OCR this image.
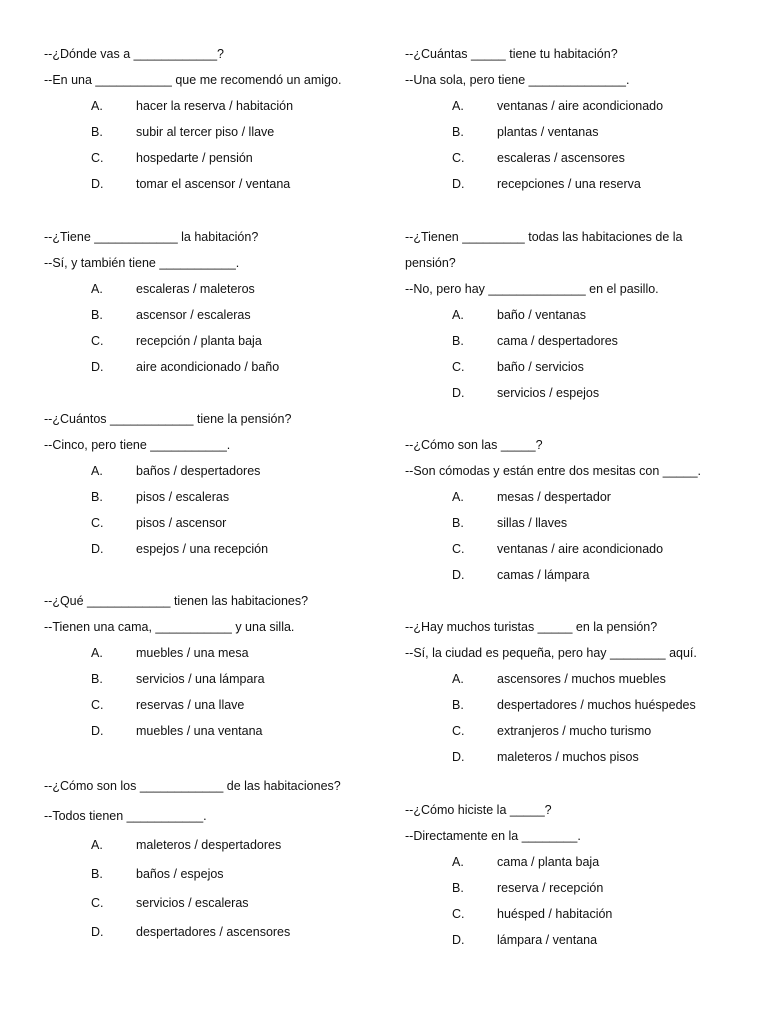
--¿Dónde vas a ____________?
--En una ___________ que me recomendó un amigo.
A.	hacer la reserva / habitación
B.	subir al tercer piso / llave
C.	hospedarte / pensión
D.	tomar el ascensor / ventana
--¿Tiene ____________ la habitación?
--Sí, y también tiene ___________.
A.	escaleras / maleteros
B.	ascensor / escaleras
C.	recepción / planta baja
D.	aire acondicionado / baño
--¿Cuántos ____________ tiene la pensión?
--Cinco, pero tiene ___________.
A.	baños / despertadores
B.	pisos / escaleras
C.	pisos / ascensor
D.	espejos / una recepción
--¿Qué ____________ tienen las habitaciones?
--Tienen una cama, ___________ y una silla.
A.	muebles / una mesa
B.	servicios / una lámpara
C.	reservas / una llave
D.	muebles / una ventana
--¿Cómo son los ____________ de las habitaciones?
--Todos tienen ___________.
A.	maleteros / despertadores
B.	baños / espejos
C.	servicios / escaleras
D.	despertadores / ascensores
--¿Cuántas _____ tiene tu habitación?
--Una sola, pero tiene ______________.
A.	ventanas / aire acondicionado
B.	plantas / ventanas
C.	escaleras / ascensores
D.	recepciones / una reserva
--¿Tienen _________ todas las habitaciones de la
pensión?
--No, pero hay ______________ en el pasillo.
A.	baño / ventanas
B.	cama / despertadores
C.	baño / servicios
D.	servicios / espejos
--¿Cómo son las _____?
--Son cómodas y están entre dos mesitas con _____.
A.	mesas / despertador
B.	sillas / llaves
C.	ventanas / aire acondicionado
D.	camas / lámpara
--¿Hay muchos turistas _____ en la pensión?
--Sí, la ciudad es pequeña, pero hay ________ aquí.
A.	ascensores / muchos muebles
B.	despertadores / muchos huéspedes
C.	extranjeros / mucho turismo
D.	maleteros / muchos pisos
--¿Cómo hiciste la _____?
--Directamente en la ________.
A.	cama / planta baja
B.	reserva / recepción
C.	huésped / habitación
D.	lámpara / ventana
